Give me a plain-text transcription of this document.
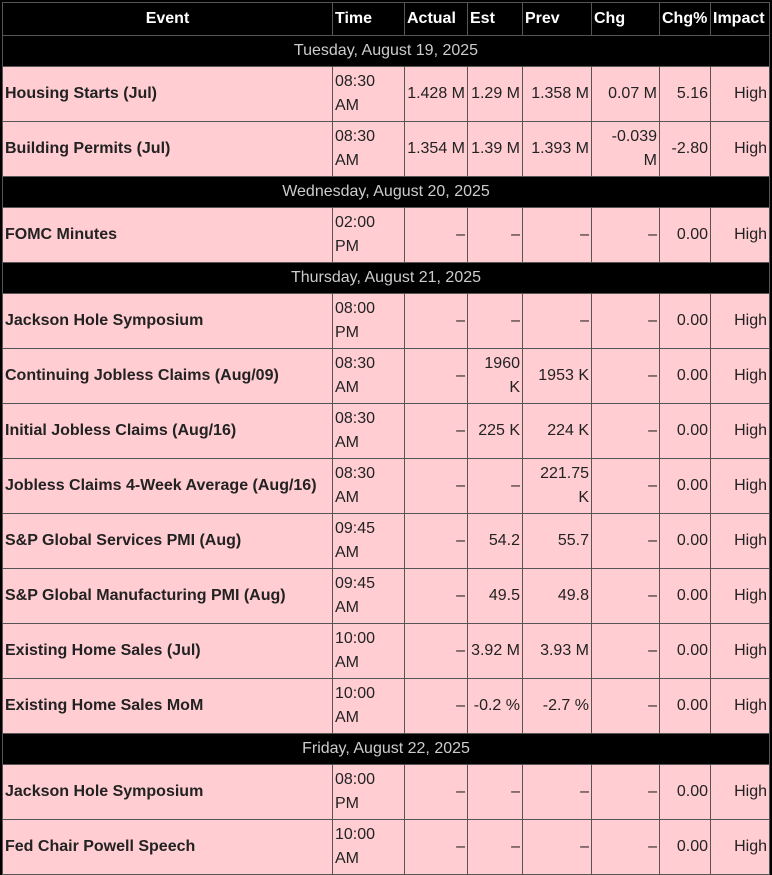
Event	Time	Actual	Est	Prev	Chg	Chg%	Impact
Tuesday, August 19, 2025							
Housing Starts (Jul)	08:30 AM	1.428 M	1.29 M	1.358 M	0.07 M	5.16	High
Building Permits (Jul)	08:30 AM	1.354 M	1.39 M	1.393 M	-0.039 M	-2.80	High
Wednesday, August 20, 2025							
FOMC Minutes	02:00 PM	–	–	–	–	0.00	High
Thursday, August 21, 2025							
Jackson Hole Symposium	08:00 PM	–	–	–	–	0.00	High
Continuing Jobless Claims (Aug/09)	08:30 AM	–	1960 K	1953 K	–	0.00	High
Initial Jobless Claims (Aug/16)	08:30 AM	–	225 K	224 K	–	0.00	High
Jobless Claims 4-Week Average (Aug/16)	08:30 AM	–	–	221.75 K	–	0.00	High
S&P Global Services PMI (Aug)	09:45 AM	–	54.2	55.7	–	0.00	High
S&P Global Manufacturing PMI (Aug)	09:45 AM	–	49.5	49.8	–	0.00	High
Existing Home Sales (Jul)	10:00 AM	–	3.92 M	3.93 M	–	0.00	High
Existing Home Sales MoM	10:00 AM	–	-0.2 %	-2.7 %	–	0.00	High
Friday, August 22, 2025							
Jackson Hole Symposium	08:00 PM	–	–	–	–	0.00	High
Fed Chair Powell Speech	10:00 AM	–	–	–	–	0.00	High
